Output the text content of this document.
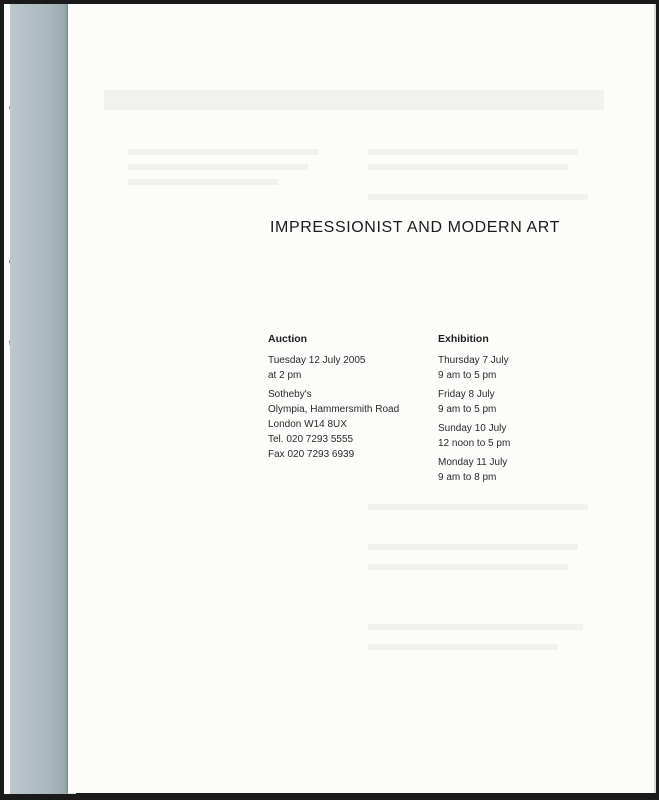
IMPRESSIONIST AND MODERN ART
Auction
Tuesday 12 July 2005
at 2 pm
Sotheby's
Olympia, Hammersmith Road
London W14 8UX
Tel. 020 7293 5555
Fax 020 7293 6939
Exhibition
Thursday 7 July
9 am to 5 pm
Friday 8 July
9 am to 5 pm
Sunday 10 July
12 noon to 5 pm
Monday 11 July
9 am to 8 pm
